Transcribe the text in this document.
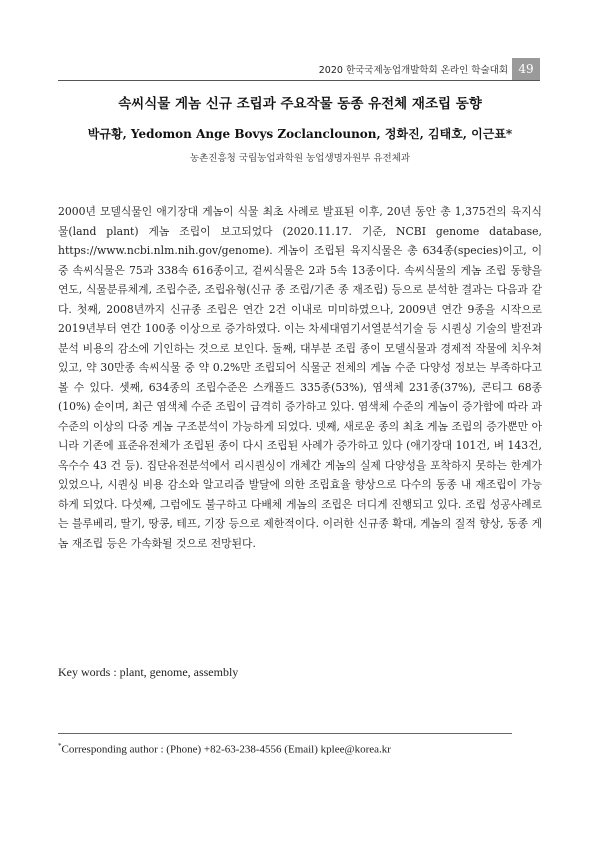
2020 한국국제농업개발학회 온라인 학술대회 49
속씨식물 게놈 신규 조립과 주요작물 동종 유전체 재조립 동향
박규황, Yedomon Ange Bovys Zoclanclounon, 정화진, 김태호, 이근표*
농촌진흥청 국립농업과학원 농업생명자원부 유전체과

2000년 모델식물인 애기장대 게놈이 식물 최초 사례로 발표된 이후, 20년 동안 총 1,375건의 육지식물(land plant) 게놈 조립이 보고되었다 (2020.11.17. 기준, NCBI genome database, https://www.ncbi.nlm.nih.gov/genome). 게놈이 조립된 육지식물은 총 634종(species)이고, 이 중 속씨식물은 75과 338속 616종이고, 겉씨식물은 2과 5속 13종이다. 속씨식물의 게놈 조립 동향을 연도, 식물분류체계, 조립수준, 조립유형(신규 종 조립/기존 종 재조립) 등으로 분석한 결과는 다음과 같다. 첫째, 2008년까지 신규종 조립은 연간 2건 이내로 미미하였으나, 2009년 연간 9종을 시작으로 2019년부터 연간 100종 이상으로 증가하였다. 이는 차세대염기서열분석기술 등 시퀀싱 기술의 발전과 분석 비용의 감소에 기인하는 것으로 보인다. 둘째, 대부분 조립 종이 모델식물과 경제적 작물에 치우쳐 있고, 약 30만종 속씨식물 중 약 0.2%만 조립되어 식물군 전체의 게놈 수준 다양성 정보는 부족하다고 볼 수 있다. 셋째, 634종의 조립수준은 스캐폴드 335종(53%), 염색체 231종(37%), 콘티그 68종(10%) 순이며, 최근 염색체 수준 조립이 급격히 증가하고 있다. 염색체 수준의 게놈이 증가함에 따라 과 수준의 이상의 다중 게놈 구조분석이 가능하게 되었다. 넷째, 새로운 종의 최초 게놈 조립의 증가뿐만 아니라 기존에 표준유전체가 조립된 종이 다시 조립된 사례가 증가하고 있다 (애기장대 101건, 벼 143건, 옥수수 43 건 등). 집단유전분석에서 리시퀀싱이 개체간 게놈의 실제 다양성을 포착하지 못하는 한계가 있었으나, 시퀀싱 비용 감소와 알고리즘 발달에 의한 조립효율 향상으로 다수의 동종 내 재조립이 가능하게 되었다. 다섯째, 그럼에도 불구하고 다배체 게놈의 조립은 더디게 진행되고 있다. 조립 성공사례로는 블루베리, 딸기, 땅콩, 테프, 기장 등으로 제한적이다. 이러한 신규종 확대, 게놈의 질적 향상, 동종 게놈 재조립 등은 가속화될 것으로 전망된다.

Key words : plant, genome, assembly
*Corresponding author : (Phone) +82-63-238-4556 (Email) kplee@korea.kr
